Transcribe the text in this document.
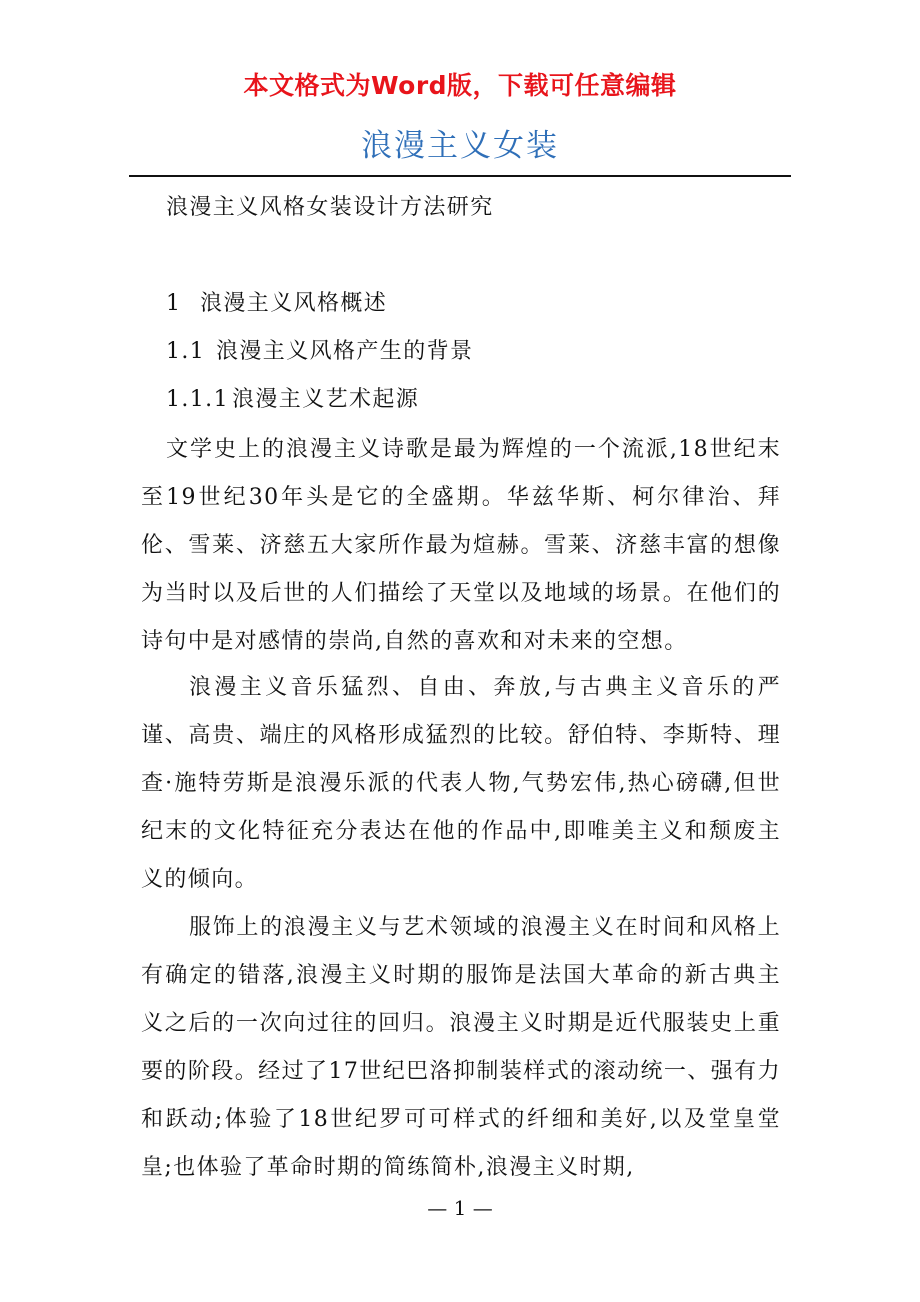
本文格式为Word版，下载可任意编辑
浪漫主义女装
浪漫主义风格女装设计方法研究
1 浪漫主义风格概述
1.1 浪漫主义风格产生的背景
1.1.1 浪漫主义艺术起源
文学史上的浪漫主义诗歌是最为辉煌的一个流派,18世纪末至19世纪30年头是它的全盛期。华兹华斯、柯尔律治、拜伦、雪莱、济慈五大家所作最为煊赫。雪莱、济慈丰富的想像为当时以及后世的人们描绘了天堂以及地域的场景。在他们的诗句中是对感情的崇尚,自然的喜欢和对未来的空想。
浪漫主义音乐猛烈、自由、奔放,与古典主义音乐的严谨、高贵、端庄的风格形成猛烈的比较。舒伯特、李斯特、理查·施特劳斯是浪漫乐派的代表人物,气势宏伟,热心磅礴,但世纪末的文化特征充分表达在他的作品中,即唯美主义和颓废主义的倾向。
服饰上的浪漫主义与艺术领域的浪漫主义在时间和风格上有确定的错落,浪漫主义时期的服饰是法国大革命的新古典主义之后的一次向过往的回归。浪漫主义时期是近代服装史上重要的阶段。经过了17世纪巴洛抑制装样式的滚动统一、强有力和跃动;体验了18世纪罗可可样式的纤细和美好,以及堂皇堂皇;也体验了革命时期的简练简朴,浪漫主义时期,
— 1 —
